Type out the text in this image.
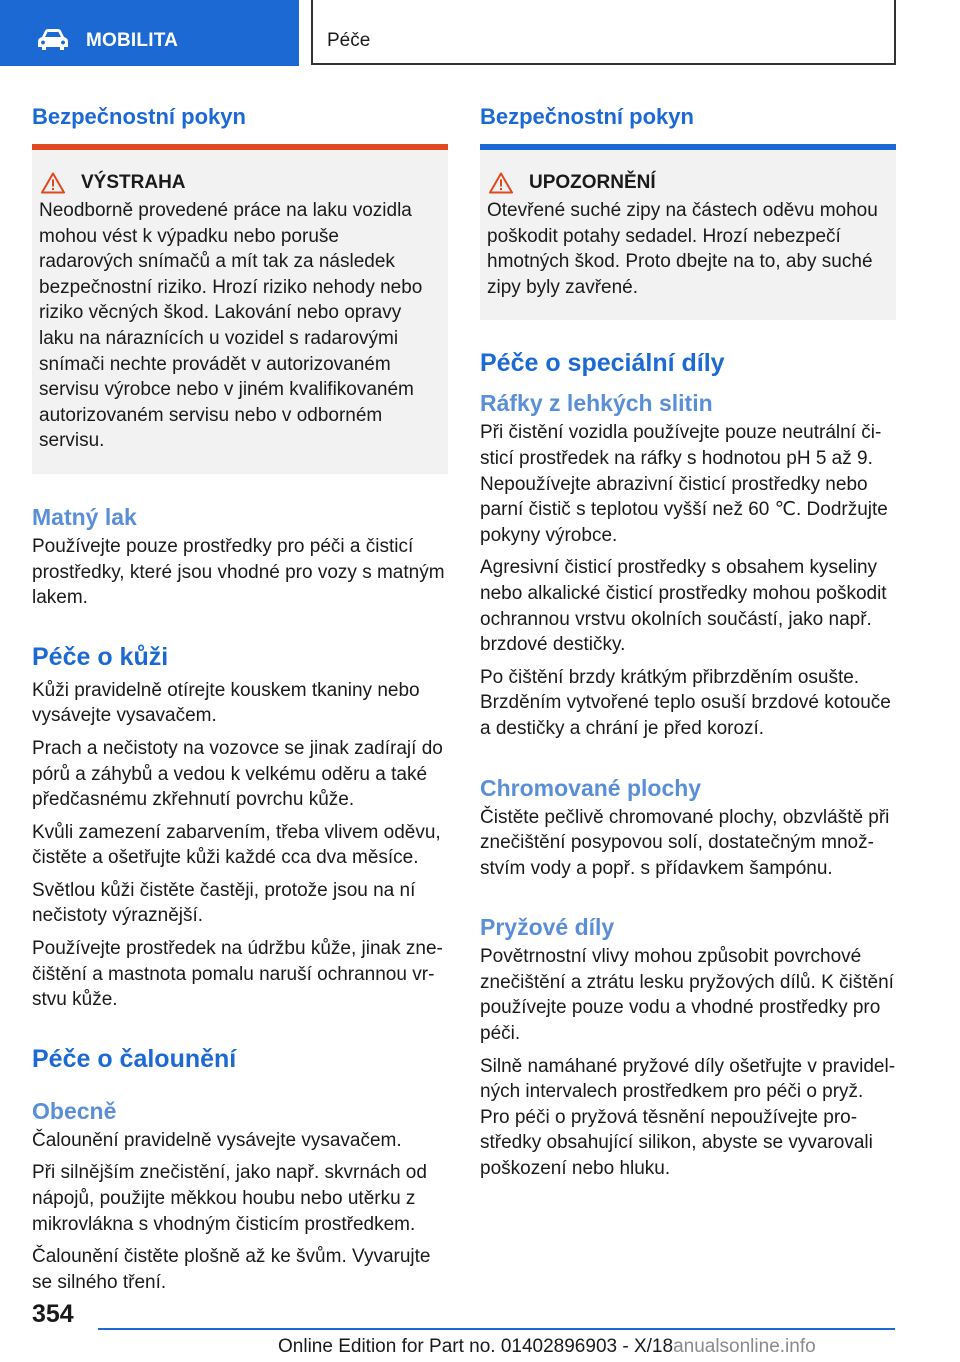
MOBILITA	Péče
Bezpečnostní pokyn
VÝSTRAHA
Neodborně provedené práce na laku vozidla mohou vést k výpadku nebo poruše radarových snímačů a mít tak za následek bezpečnostní riziko. Hrozí riziko nehody nebo riziko věcných škod. Lakování nebo opravy laku na náraznících u vozidel s radarovými snímači nechte provádět v autorizovaném servisu výrobce nebo v jiném kvalifikovaném autorizovaném servisu nebo v odborném servisu.
Matný lak
Používejte pouze prostředky pro péči a čisticí prostředky, které jsou vhodné pro vozy s matným lakem.
Péče o kůži
Kůži pravidelně otírejte kouskem tkaniny nebo vysávejte vysavačem.
Prach a nečistoty na vozovce se jinak zadírají do pórů a záhybů a vedou k velkému oděru a také předčasnému zkřehnutí povrchu kůže.
Kvůli zamezení zabarvením, třeba vlivem oděvu, čistěte a ošetřujte kůži každé cca dva měsíce.
Světlou kůži čistěte častěji, protože jsou na ní nečistoty výraznější.
Používejte prostředek na údržbu kůže, jinak znečištění a mastnota pomalu naruší ochrannou vrstvu kůže.
Péče o čalounění
Obecně
Čalounění pravidelně vysávejte vysavačem.
Při silnějším znečistění, jako např. skvrnách od nápojů, použijte měkkou houbu nebo utěrku z mikrovlákna s vhodným čisticím prostředkem.
Čalounění čistěte plošně až ke švům. Vyvarujte se silného tření.
Bezpečnostní pokyn
UPOZORNĚNÍ
Otevřené suché zipy na částech oděvu mohou poškodit potahy sedadel. Hrozí nebezpečí hmotných škod. Proto dbejte na to, aby suché zipy byly zavřené.
Péče o speciální díly
Ráfky z lehkých slitin
Při čistění vozidla používejte pouze neutrální čisticí prostředek na ráfky s hodnotou pH 5 až 9. Nepoužívejte abrazivní čisticí prostředky nebo parní čistič s teplotou vyšší než 60 ℃. Dodržujte pokyny výrobce.
Agresivní čisticí prostředky s obsahem kyseliny nebo alkalické čisticí prostředky mohou poškodit ochrannou vrstvu okolních součástí, jako např. brzdové destičky.
Po čištění brzdy krátkým přibrzděním osušte. Brzděním vytvořené teplo osuší brzdové kotouče a destičky a chrání je před korozí.
Chromované plochy
Čistěte pečlivě chromované plochy, obzvláště při znečištění posypovou solí, dostatečným množstvím vody a popř. s přídavkem šampónu.
Pryžové díly
Povětrnostní vlivy mohou způsobit povrchové znečištění a ztrátu lesku pryžových dílů. K čištění používejte pouze vodu a vhodné prostředky pro péči.
Silně namáhané pryžové díly ošetřujte v pravidelných intervalech prostředkem pro péči o pryž. Pro péči o pryžová těsnění nepoužívejte prostředky obsahující silikon, abyste se vyvarovali poškození nebo hluku.
354
Online Edition for Part no. 01402896903 - X/18anualsonline.info
